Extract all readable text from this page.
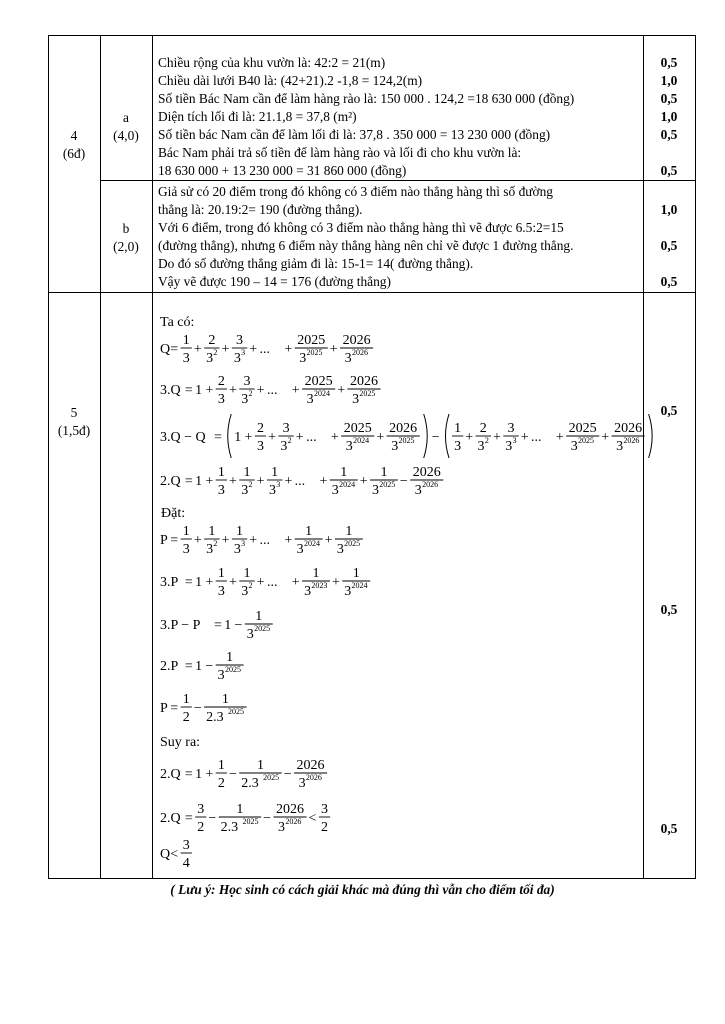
4
(6đ)
a
(4,0)
Chiều rộng của khu vườn là: 42:2 = 21(m)
Chiều dài lưới B40 là: (42+21).2 -1,8 = 124,2(m)
Số tiền Bác Nam cần để làm hàng rào là: 150 000 . 124,2 =18 630 000 (đồng)
Diện tích lối đi là: 21.1,8 = 37,8 (m²)
Số tiền bác Nam cần để làm lối đi là: 37,8 . 350 000 = 13 230 000 (đồng)
Bác Nam phải trả số tiền để làm hàng rào và lối đi cho khu vườn là:
18 630 000 + 13 230 000 = 31 860 000 (đồng)
0,5
1,0
0,5
1,0
0,5
0,5
b
(2,0)
Giả sử có 20 điểm trong đó không có 3 điểm nào thẳng hàng thì số đường
thẳng là: 20.19:2= 190 (đường thẳng).
Với 6 điểm, trong đó không có 3 điểm nào thẳng hàng thì vẽ được 6.5:2=15
(đường thẳng), nhưng 6 điểm này thẳng hàng nên chỉ vẽ được 1 đường thẳng.
Do đó số đường thẳng giảm đi là: 15-1= 14( đường thẳng).
Vậy vẽ được 190 – 14 = 176 (đường thẳng)
1,0
0,5
0,5
5
(1,5đ)
0,5
0,5
0,5
Ta có:
Đặt:
Suy ra:
Q =
1
3
+
2
3 2 +
3
3 3 + ... +
2025
3 2025 +
2026
3 2026
3.Q = 1 +
2
3
+
3
3 2 + ... +
2025
3 2024 +
2026
3 2025
3.Q − Q = 1 +
2
3
+
3
3 2 + ... +
2025
3 2024 +
2026
3 2025 −
1
3
+
2
3 2 +
3
3 3 + ... +
2025
3 2025 +
2026
3 2026
2.Q = 1 +
1
3
+
1
3 2 +
1
3 3 + ... +
1
3 2024 +
1
3 2025 −
2026
3 2026
P =
1
3
+
1
3 2 +
1
3 3 + ... +
1
3 2024 +
1
3 2025
3.P = 1 +
1
3
+
1
3 2 + ... +
1
3 2023 +
1
3 2024
3.P − P = 1 −
1
3 2025
2.P = 1 −
1
3 2025
P =
1
2
−
1
2.3 2025
2.Q = 1 +
1
2
−
1
2.3 2025 −
2026
3 2026
2.Q =
3
2
−
1
2.3 2025 −
2026
3 2026 <
3
2
Q <
3
4
( Lưu ý: Học sinh có cách giải khác mà đúng thì vẫn cho điểm tối đa)
